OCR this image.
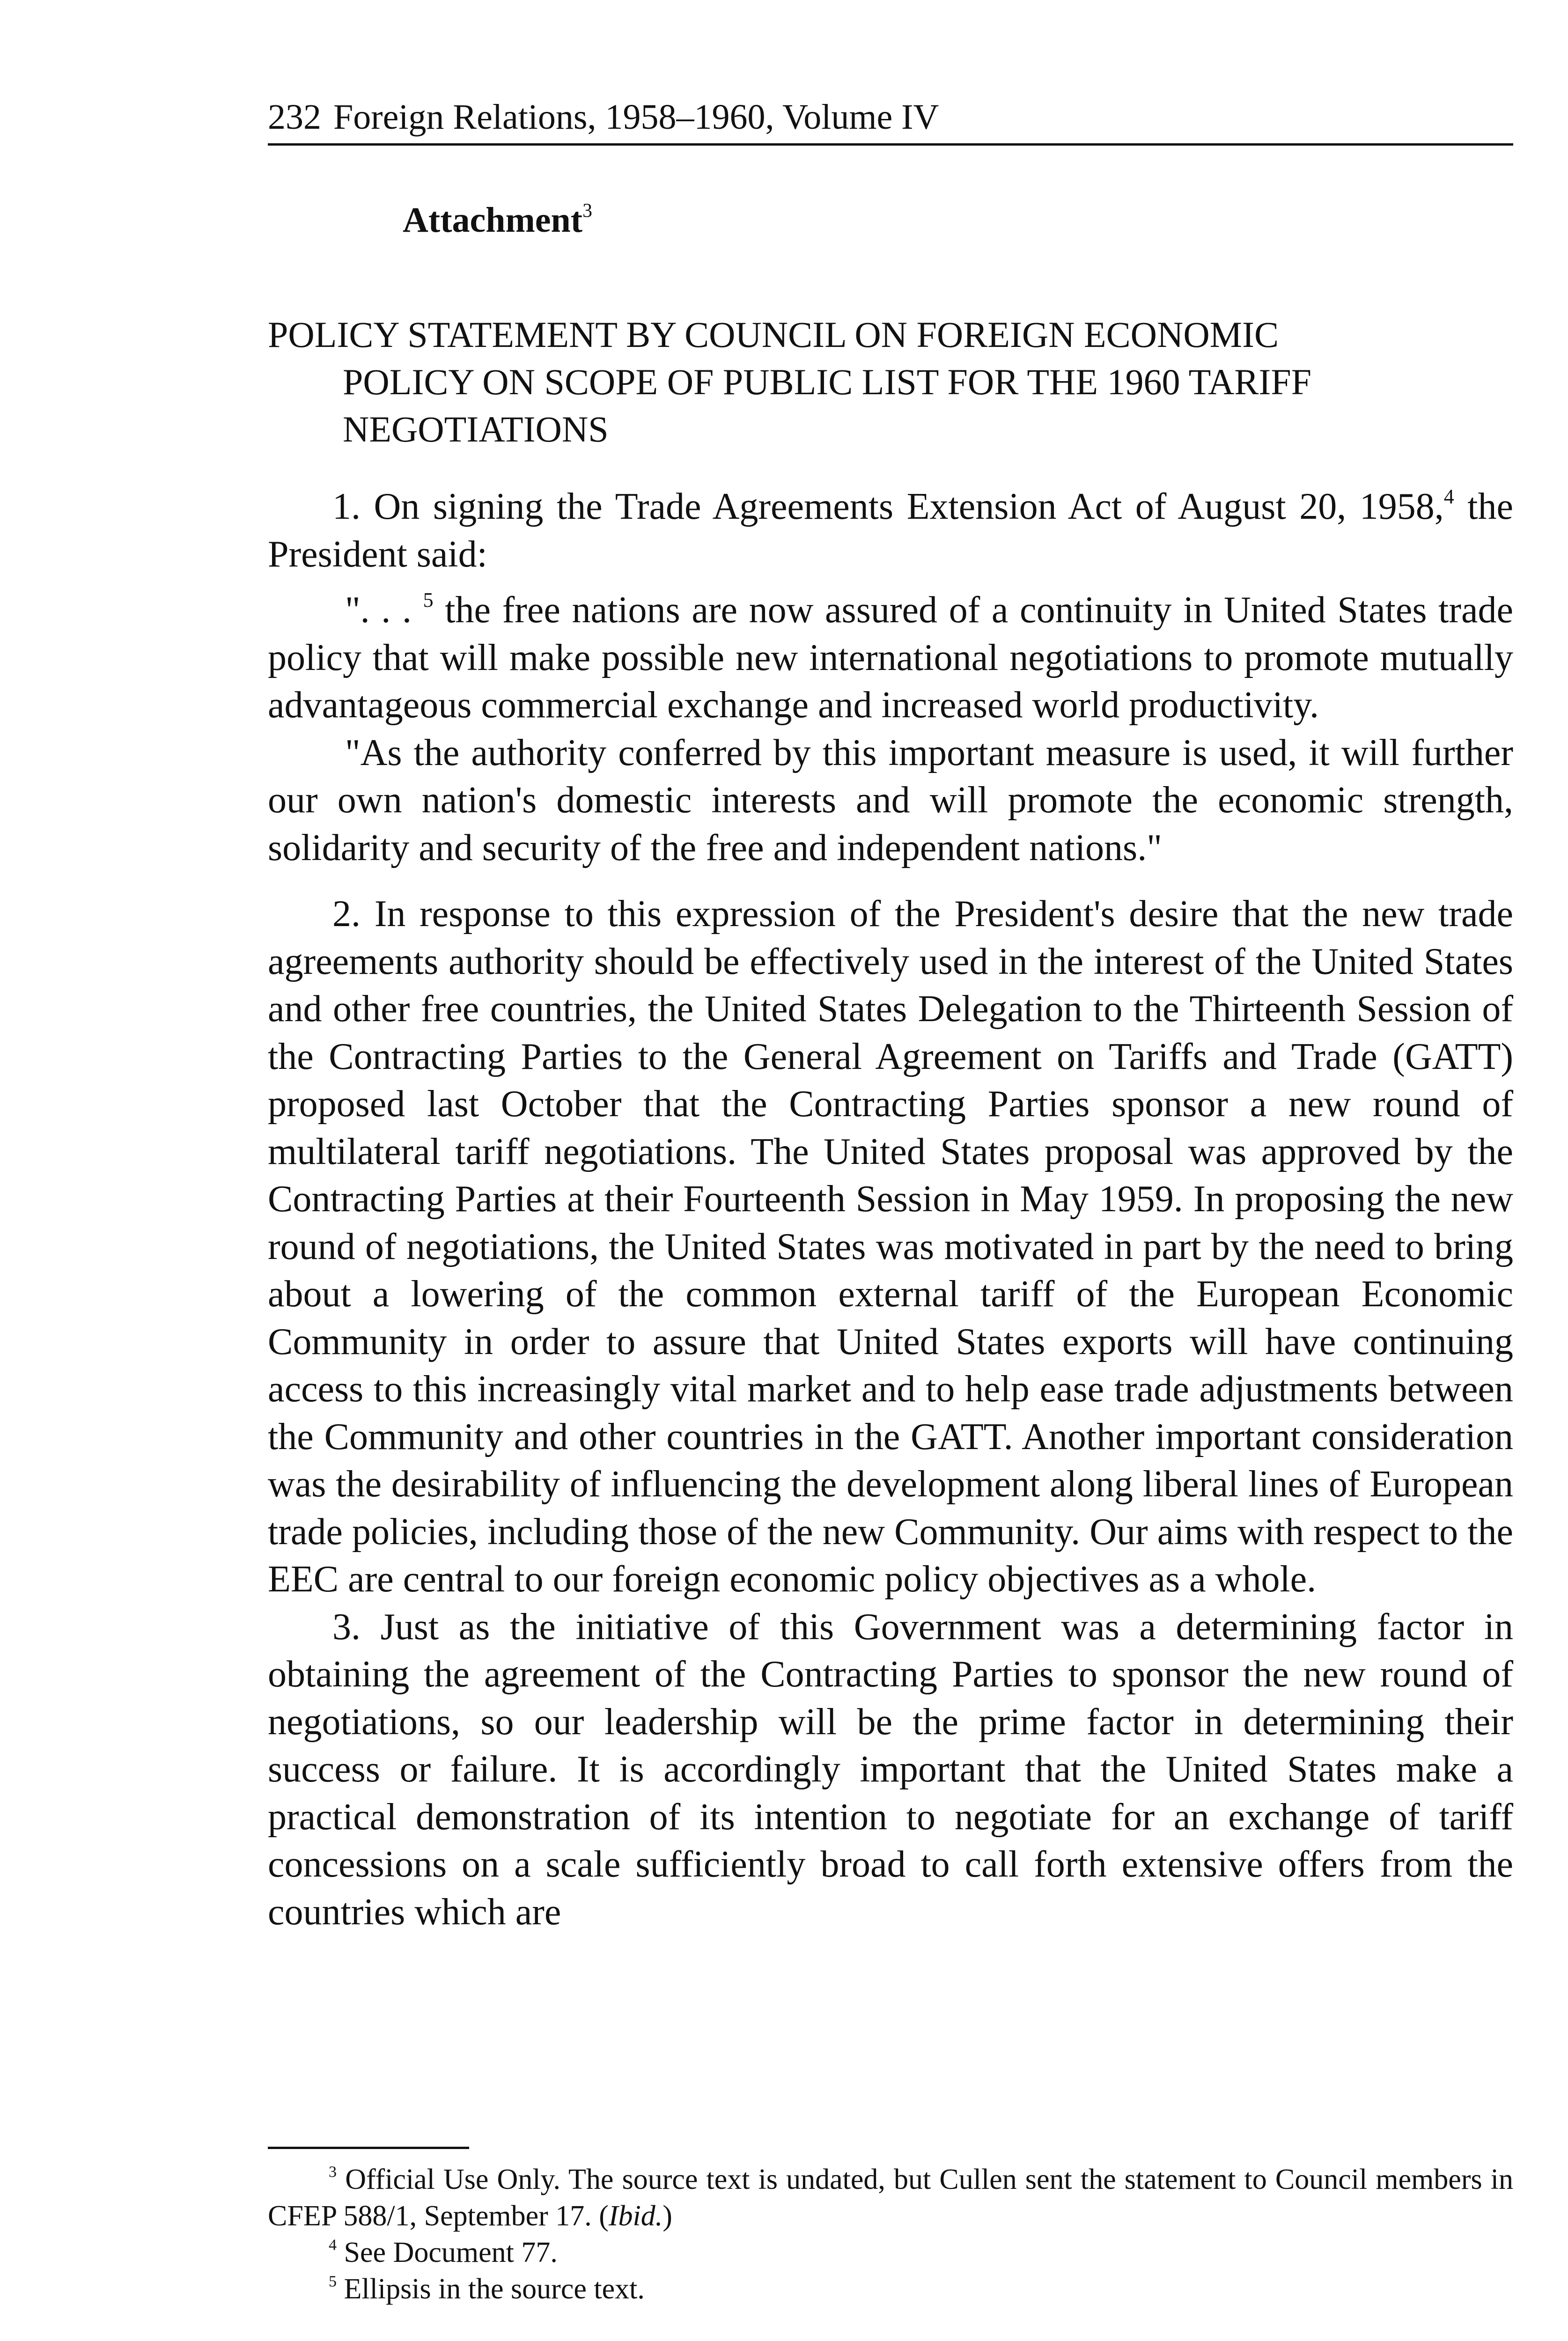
232 Foreign Relations, 1958–1960, Volume IV
Attachment$^3$
POLICY STATEMENT BY COUNCIL ON FOREIGN ECONOMIC
POLICY ON SCOPE OF PUBLIC LIST FOR THE 1960 TARIFF
NEGOTIATIONS

1. On signing the Trade Agreements Extension Act of August 20, 1958,$^4$ the President said:

". . . $^5$ the free nations are now assured of a continuity in United States trade policy that will make possible new international negotiations to promote mutually advantageous commercial exchange and increased world productivity.

"As the authority conferred by this important measure is used, it will further our own nation's domestic interests and will promote the economic strength, solidarity and security of the free and independent nations."

2. In response to this expression of the President's desire that the new trade agreements authority should be effectively used in the interest of the United States and other free countries, the United States Delegation to the Thirteenth Session of the Contracting Parties to the General Agreement on Tariffs and Trade (GATT) proposed last October that the Contracting Parties sponsor a new round of multilateral tariff negotiations. The United States proposal was approved by the Contracting Parties at their Fourteenth Session in May 1959. In proposing the new round of negotiations, the United States was motivated in part by the need to bring about a lowering of the common external tariff of the European Economic Community in order to assure that United States exports will have continuing access to this increasingly vital market and to help ease trade adjustments between the Community and other countries in the GATT. Another important consideration was the desirability of influencing the development along liberal lines of European trade policies, including those of the new Community. Our aims with respect to the EEC are central to our foreign economic policy objectives as a whole.

3. Just as the initiative of this Government was a determining factor in obtaining the agreement of the Contracting Parties to sponsor the new round of negotiations, so our leadership will be the prime factor in determining their success or failure. It is accordingly important that the United States make a practical demonstration of its intention to negotiate for an exchange of tariff concessions on a scale sufficiently broad to call forth extensive offers from the countries which are

$^3$ Official Use Only. The source text is undated, but Cullen sent the statement to Council members in CFEP 588/1, September 17. (Ibid.)

$^4$ See Document 77.

$^5$ Ellipsis in the source text.
